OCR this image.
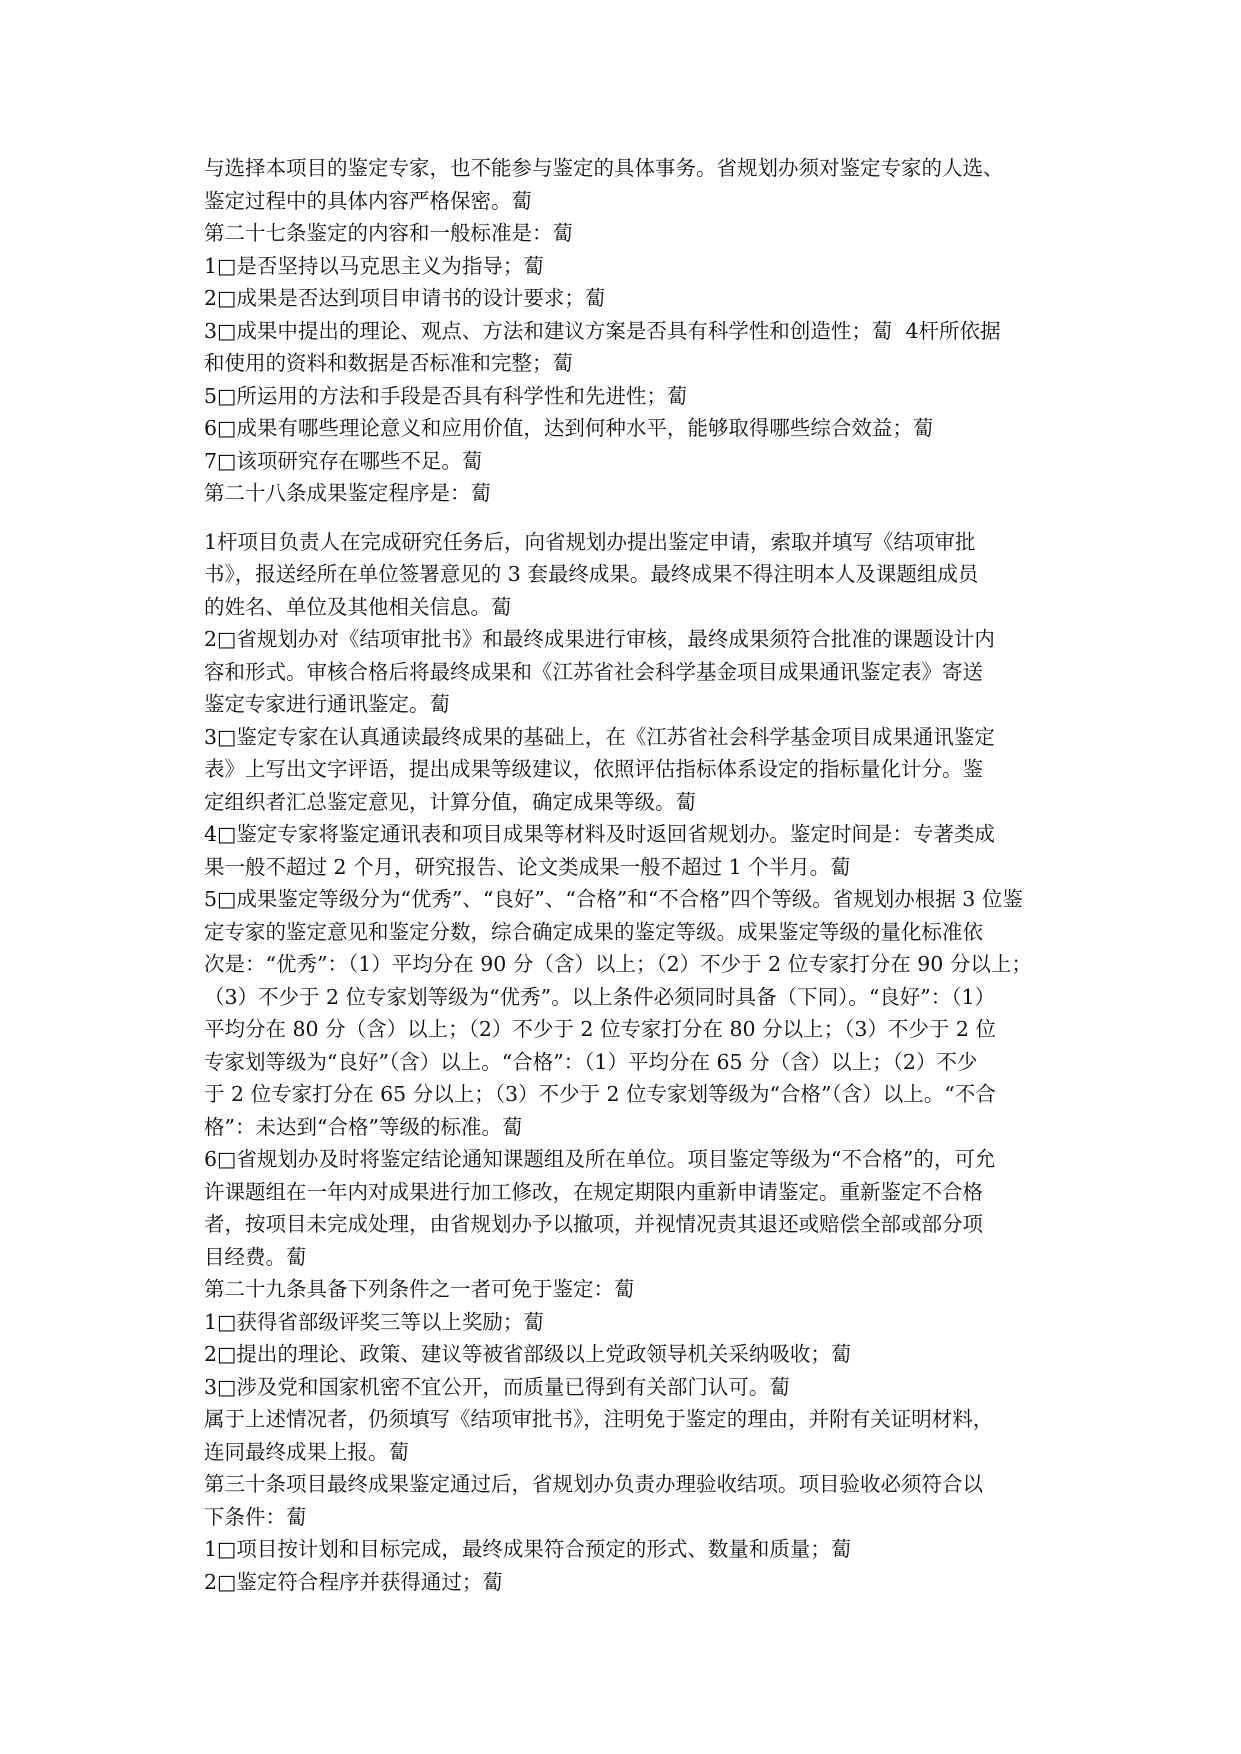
与选择本项目的鉴定专家，也不能参与鉴定的具体事务。省规划办须对鉴定专家的人选、
鉴定过程中的具体内容严格保密。蔔
第二十七条鉴定的内容和一般标准是：蔔
1□是否坚持以马克思主义为指导；蔔
2□成果是否达到项目申请书的设计要求；蔔
3□成果中提出的理论、观点、方法和建议方案是否具有科学性和创造性；蔔  4杆所依据
和使用的资料和数据是否标准和完整；蔔
5□所运用的方法和手段是否具有科学性和先进性；蔔
6□成果有哪些理论意义和应用价值，达到何种水平，能够取得哪些综合效益；蔔
7□该项研究存在哪些不足。蔔
第二十八条成果鉴定程序是：蔔
1杆项目负责人在完成研究任务后，向省规划办提出鉴定申请，索取并填写《结项审批
书》，报送经所在单位签署意见的 3 套最终成果。最终成果不得注明本人及课题组成员
的姓名、单位及其他相关信息。蔔
2□省规划办对《结项审批书》和最终成果进行审核，最终成果须符合批准的课题设计内
容和形式。审核合格后将最终成果和《江苏省社会科学基金项目成果通讯鉴定表》寄送
鉴定专家进行通讯鉴定。蔔
3□鉴定专家在认真通读最终成果的基础上，在《江苏省社会科学基金项目成果通讯鉴定
表》上写出文字评语，提出成果等级建议，依照评估指标体系设定的指标量化计分。鉴
定组织者汇总鉴定意见，计算分值，确定成果等级。蔔
4□鉴定专家将鉴定通讯表和项目成果等材料及时返回省规划办。鉴定时间是：专著类成
果一般不超过 2 个月，研究报告、论文类成果一般不超过 1 个半月。蔔
5□成果鉴定等级分为“优秀”、“良好”、“合格”和“不合格”四个等级。省规划办根据 3 位鉴
定专家的鉴定意见和鉴定分数，综合确定成果的鉴定等级。成果鉴定等级的量化标准依
次是：“优秀”：（1）平均分在 90 分（含）以上；（2）不少于 2 位专家打分在 90 分以上；
（3）不少于 2 位专家划等级为“优秀”。以上条件必须同时具备（下同）。“良好”：（1）
平均分在 80 分（含）以上；（2）不少于 2 位专家打分在 80 分以上；（3）不少于 2 位
专家划等级为“良好”（含）以上。“合格”：（1）平均分在 65 分（含）以上；（2）不少
于 2 位专家打分在 65 分以上；（3）不少于 2 位专家划等级为“合格”（含）以上。“不合
格”：未达到“合格”等级的标准。蔔
6□省规划办及时将鉴定结论通知课题组及所在单位。项目鉴定等级为“不合格”的，可允
许课题组在一年内对成果进行加工修改，在规定期限内重新申请鉴定。重新鉴定不合格
者，按项目未完成处理，由省规划办予以撤项，并视情况责其退还或赔偿全部或部分项
目经费。蔔
第二十九条具备下列条件之一者可免于鉴定：蔔
1□获得省部级评奖三等以上奖励；蔔
2□提出的理论、政策、建议等被省部级以上党政领导机关采纳吸收；蔔
3□涉及党和国家机密不宜公开，而质量已得到有关部门认可。蔔
属于上述情况者，仍须填写《结项审批书》，注明免于鉴定的理由，并附有关证明材料，
连同最终成果上报。蔔
第三十条项目最终成果鉴定通过后，省规划办负责办理验收结项。项目验收必须符合以
下条件：蔔
1□项目按计划和目标完成，最终成果符合预定的形式、数量和质量；蔔
2□鉴定符合程序并获得通过；蔔
